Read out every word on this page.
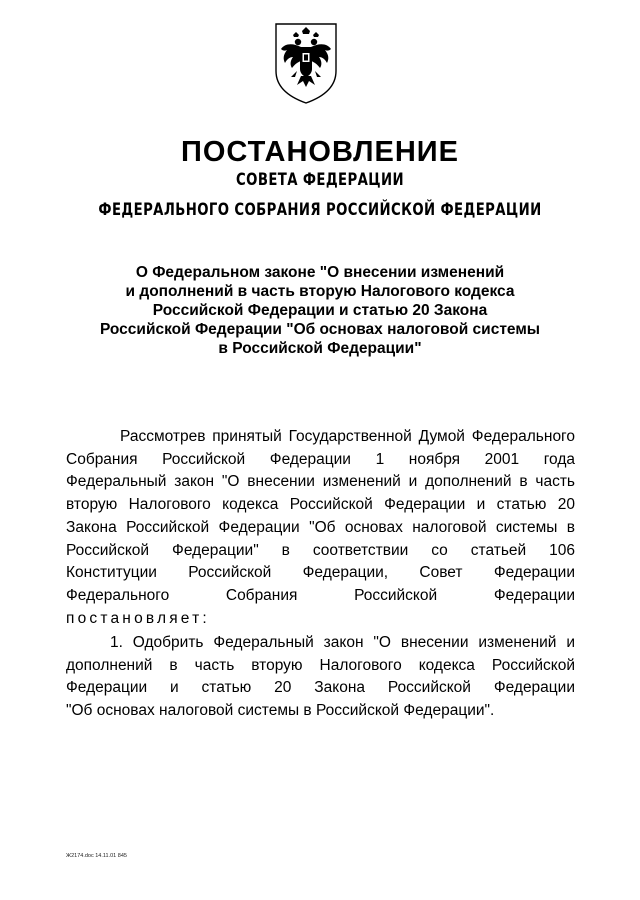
ПОСТАНОВЛЕНИЕ
СОВЕТА ФЕДЕРАЦИИ
ФЕДЕРАЛЬНОГО СОБРАНИЯ РОССИЙСКОЙ ФЕДЕРАЦИИ
О Федеральном законе "О внесении изменений
и дополнений в часть вторую Налогового кодекса
Российской Федерации и статью 20 Закона
Российской Федерации "Об основах налоговой системы
в Российской Федерации"
Рассмотрев принятый Государственной Думой Федерального
Собрания Российской Федерации 1 ноября 2001 года
Федеральный закон "О внесении изменений и дополнений в часть
вторую Налогового кодекса Российской Федерации и статью 20
Закона Российской Федерации "Об основах налоговой системы в
Российской Федерации" в соответствии со статьей 106
Конституции Российской Федерации, Совет Федерации
Федерального Собрания Российской Федерации
постановляет:
1. Одобрить Федеральный закон "О внесении изменений и
дополнений в часть вторую Налогового кодекса Российской
Федерации и статью 20 Закона Российской Федерации
"Об основах налоговой системы в Российской Федерации".
Ж2174.doc 14.11.01 845
